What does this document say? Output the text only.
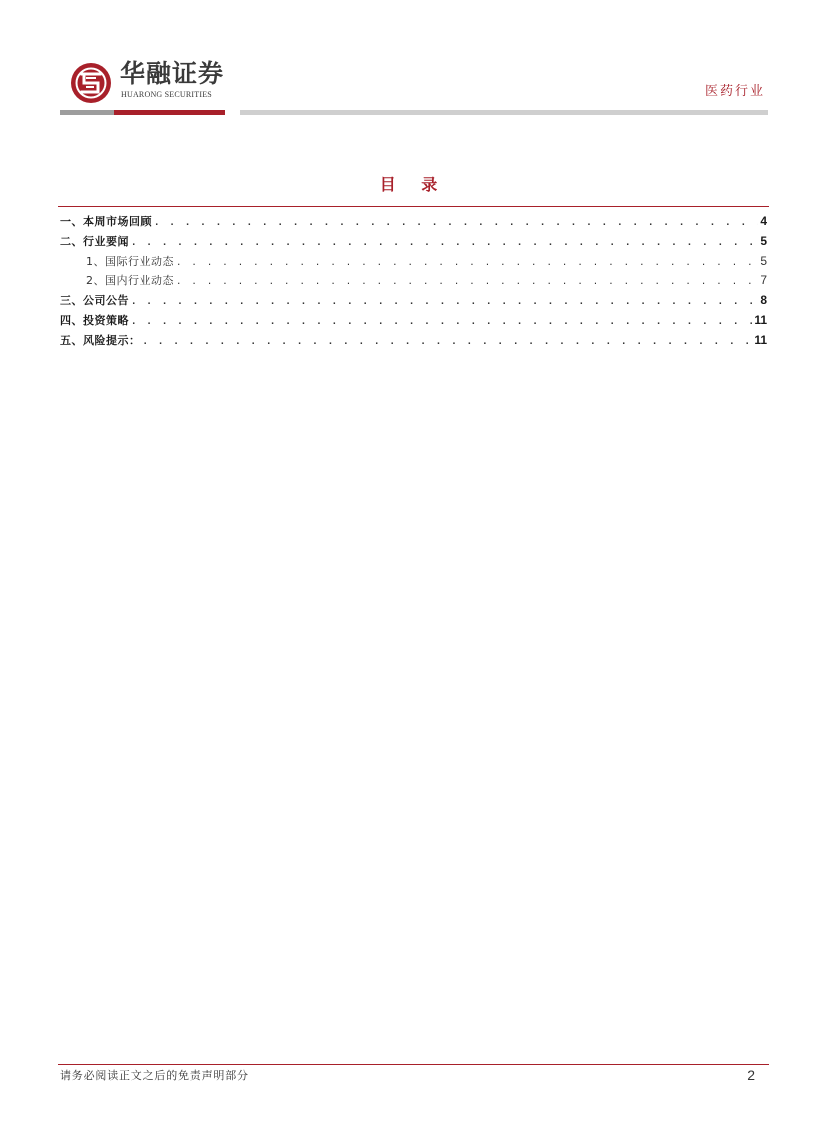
华融证券
HUARONG SECURITIES	医药行业
目 录
一、本周市场回顾 . . .	4
二、行业要闻 . . .	5
1、国际行业动态 . . .	5
2、国内行业动态 . . .	7
三、公司公告 . . .	8
四、投资策略 . . .	11
五、风险提示： . . .	11
请务必阅读正文之后的免责声明部分	2
